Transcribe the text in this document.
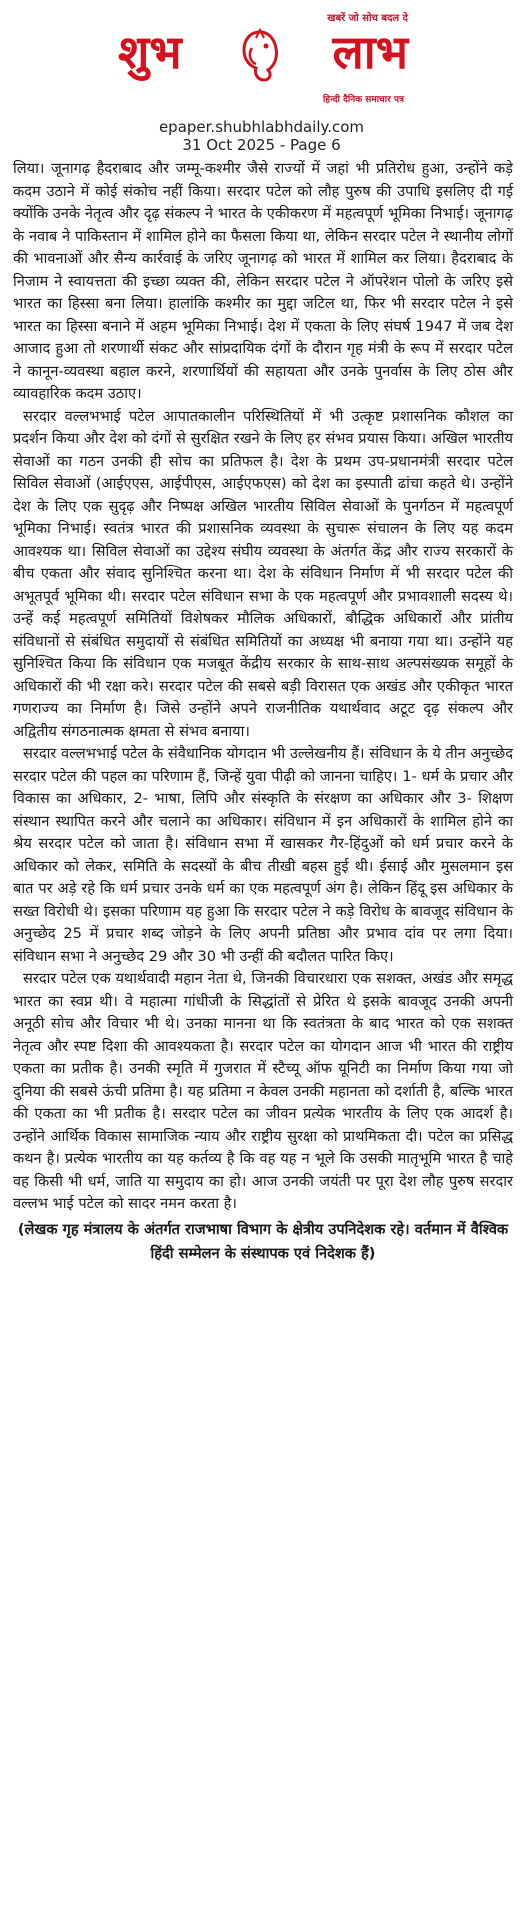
खबरें जो सोच बदल दे
शुभ	लाभ
हिन्दी दैनिक समाचार पत्र
epaper.shubhlabhdaily.com
31 Oct 2025 - Page 6

लिया। जूनागढ़ हैदराबाद और जम्मू-कश्मीर जैसे राज्यों में जहां भी प्रतिरोध हुआ, उन्होंने कड़े कदम उठाने में कोई संकोच नहीं किया। सरदार पटेल को लौह पुरुष की उपाधि इसलिए दी गई क्योंकि उनके नेतृत्व और दृढ़ संकल्प ने भारत के एकीकरण में महत्वपूर्ण भूमिका निभाई। जूनागढ़ के नवाब ने पाकिस्तान में शामिल होने का फैसला किया था, लेकिन सरदार पटेल ने स्थानीय लोगों की भावनाओं और सैन्य कार्रवाई के जरिए जूनागढ़ को भारत में शामिल कर लिया। हैदराबाद के निजाम ने स्वायत्तता की इच्छा व्यक्त की, लेकिन सरदार पटेल ने ऑपरेशन पोलो के जरिए इसे भारत का हिस्सा बना लिया। हालांकि कश्मीर का मुद्दा जटिल था, फिर भी सरदार पटेल ने इसे भारत का हिस्सा बनाने में अहम भूमिका निभाई। देश में एकता के लिए संघर्ष 1947 में जब देश आजाद हुआ तो शरणार्थी संकट और सांप्रदायिक दंगों के दौरान गृह मंत्री के रूप में सरदार पटेल ने कानून-व्यवस्था बहाल करने, शरणार्थियों की सहायता और उनके पुनर्वास के लिए ठोस और व्यावहारिक कदम उठाए।

सरदार वल्लभभाई पटेल आपातकालीन परिस्थितियों में भी उत्कृष्ट प्रशासनिक कौशल का प्रदर्शन किया और देश को दंगों से सुरक्षित रखने के लिए हर संभव प्रयास किया। अखिल भारतीय सेवाओं का गठन उनकी ही सोच का प्रतिफल है। देश के प्रथम उप-प्रधानमंत्री सरदार पटेल सिविल सेवाओं (आईएएस, आईपीएस, आईएफएस) को देश का इस्पाती ढांचा कहते थे। उन्होंने देश के लिए एक सुदृढ़ और निष्पक्ष अखिल भारतीय सिविल सेवाओं के पुनर्गठन में महत्वपूर्ण भूमिका निभाई। स्वतंत्र भारत की प्रशासनिक व्यवस्था के सुचारू संचालन के लिए यह कदम आवश्यक था। सिविल सेवाओं का उद्देश्य संघीय व्यवस्था के अंतर्गत केंद्र और राज्य सरकारों के बीच एकता और संवाद सुनिश्चित करना था। देश के संविधान निर्माण में भी सरदार पटेल की अभूतपूर्व भूमिका थी। सरदार पटेल संविधान सभा के एक महत्वपूर्ण और प्रभावशाली सदस्य थे। उन्हें कई महत्वपूर्ण समितियों विशेषकर मौलिक अधिकारों, बौद्धिक अधिकारों और प्रांतीय संविधानों से संबंधित समुदायों से संबंधित समितियों का अध्यक्ष भी बनाया गया था। उन्होंने यह सुनिश्चित किया कि संविधान एक मजबूत केंद्रीय सरकार के साथ-साथ अल्पसंख्यक समूहों के अधिकारों की भी रक्षा करे। सरदार पटेल की सबसे बड़ी विरासत एक अखंड और एकीकृत भारत गणराज्य का निर्माण है। जिसे उन्होंने अपने राजनीतिक यथार्थवाद अटूट दृढ़ संकल्प और अद्वितीय संगठनात्मक क्षमता से संभव बनाया।

सरदार वल्लभभाई पटेल के संवैधानिक योगदान भी उल्लेखनीय हैं। संविधान के ये तीन अनुच्छेद सरदार पटेल की पहल का परिणाम हैं, जिन्हें युवा पीढ़ी को जानना चाहिए। 1- धर्म के प्रचार और विकास का अधिकार, 2- भाषा, लिपि और संस्कृति के संरक्षण का अधिकार और 3- शिक्षण संस्थान स्थापित करने और चलाने का अधिकार। संविधान में इन अधिकारों के शामिल होने का श्रेय सरदार पटेल को जाता है। संविधान सभा में खासकर गैर-हिंदुओं को धर्म प्रचार करने के अधिकार को लेकर, समिति के सदस्यों के बीच तीखी बहस हुई थी। ईसाई और मुसलमान इस बात पर अड़े रहे कि धर्म प्रचार उनके धर्म का एक महत्वपूर्ण अंग है। लेकिन हिंदू इस अधिकार के सख्त विरोधी थे। इसका परिणाम यह हुआ कि सरदार पटेल ने कड़े विरोध के बावजूद संविधान के अनुच्छेद 25 में प्रचार शब्द जोड़ने के लिए अपनी प्रतिष्ठा और प्रभाव दांव पर लगा दिया। संविधान सभा ने अनुच्छेद 29 और 30 भी उन्हीं की बदौलत पारित किए।

सरदार पटेल एक यथार्थवादी महान नेता थे, जिनकी विचारधारा एक सशक्त, अखंड और समृद्ध भारत का स्वप्न थी। वे महात्मा गांधीजी के सिद्धांतों से प्रेरित थे इसके बावजूद उनकी अपनी अनूठी सोच और विचार भी थे। उनका मानना था कि स्वतंत्रता के बाद भारत को एक सशक्त नेतृत्व और स्पष्ट दिशा की आवश्यकता है। सरदार पटेल का योगदान आज भी भारत की राष्ट्रीय एकता का प्रतीक है। उनकी स्मृति में गुजरात में स्टैच्यू ऑफ यूनिटी का निर्माण किया गया जो दुनिया की सबसे ऊंची प्रतिमा है। यह प्रतिमा न केवल उनकी महानता को दर्शाती है, बल्कि भारत की एकता का भी प्रतीक है। सरदार पटेल का जीवन प्रत्येक भारतीय के लिए एक आदर्श है। उन्होंने आर्थिक विकास सामाजिक न्याय और राष्ट्रीय सुरक्षा को प्राथमिकता दी। पटेल का प्रसिद्ध कथन है। प्रत्येक भारतीय का यह कर्तव्य है कि वह यह न भूले कि उसकी मातृभूमि भारत है चाहे वह किसी भी धर्म, जाति या समुदाय का हो। आज उनकी जयंती पर पूरा देश लौह पुरुष सरदार वल्लभ भाई पटेल को सादर नमन करता है।

(लेखक गृह मंत्रालय के अंतर्गत राजभाषा विभाग के क्षेत्रीय उपनिदेशक रहे। वर्तमान में वैश्विक हिंदी सम्मेलन के संस्थापक एवं निदेशक हैं)
